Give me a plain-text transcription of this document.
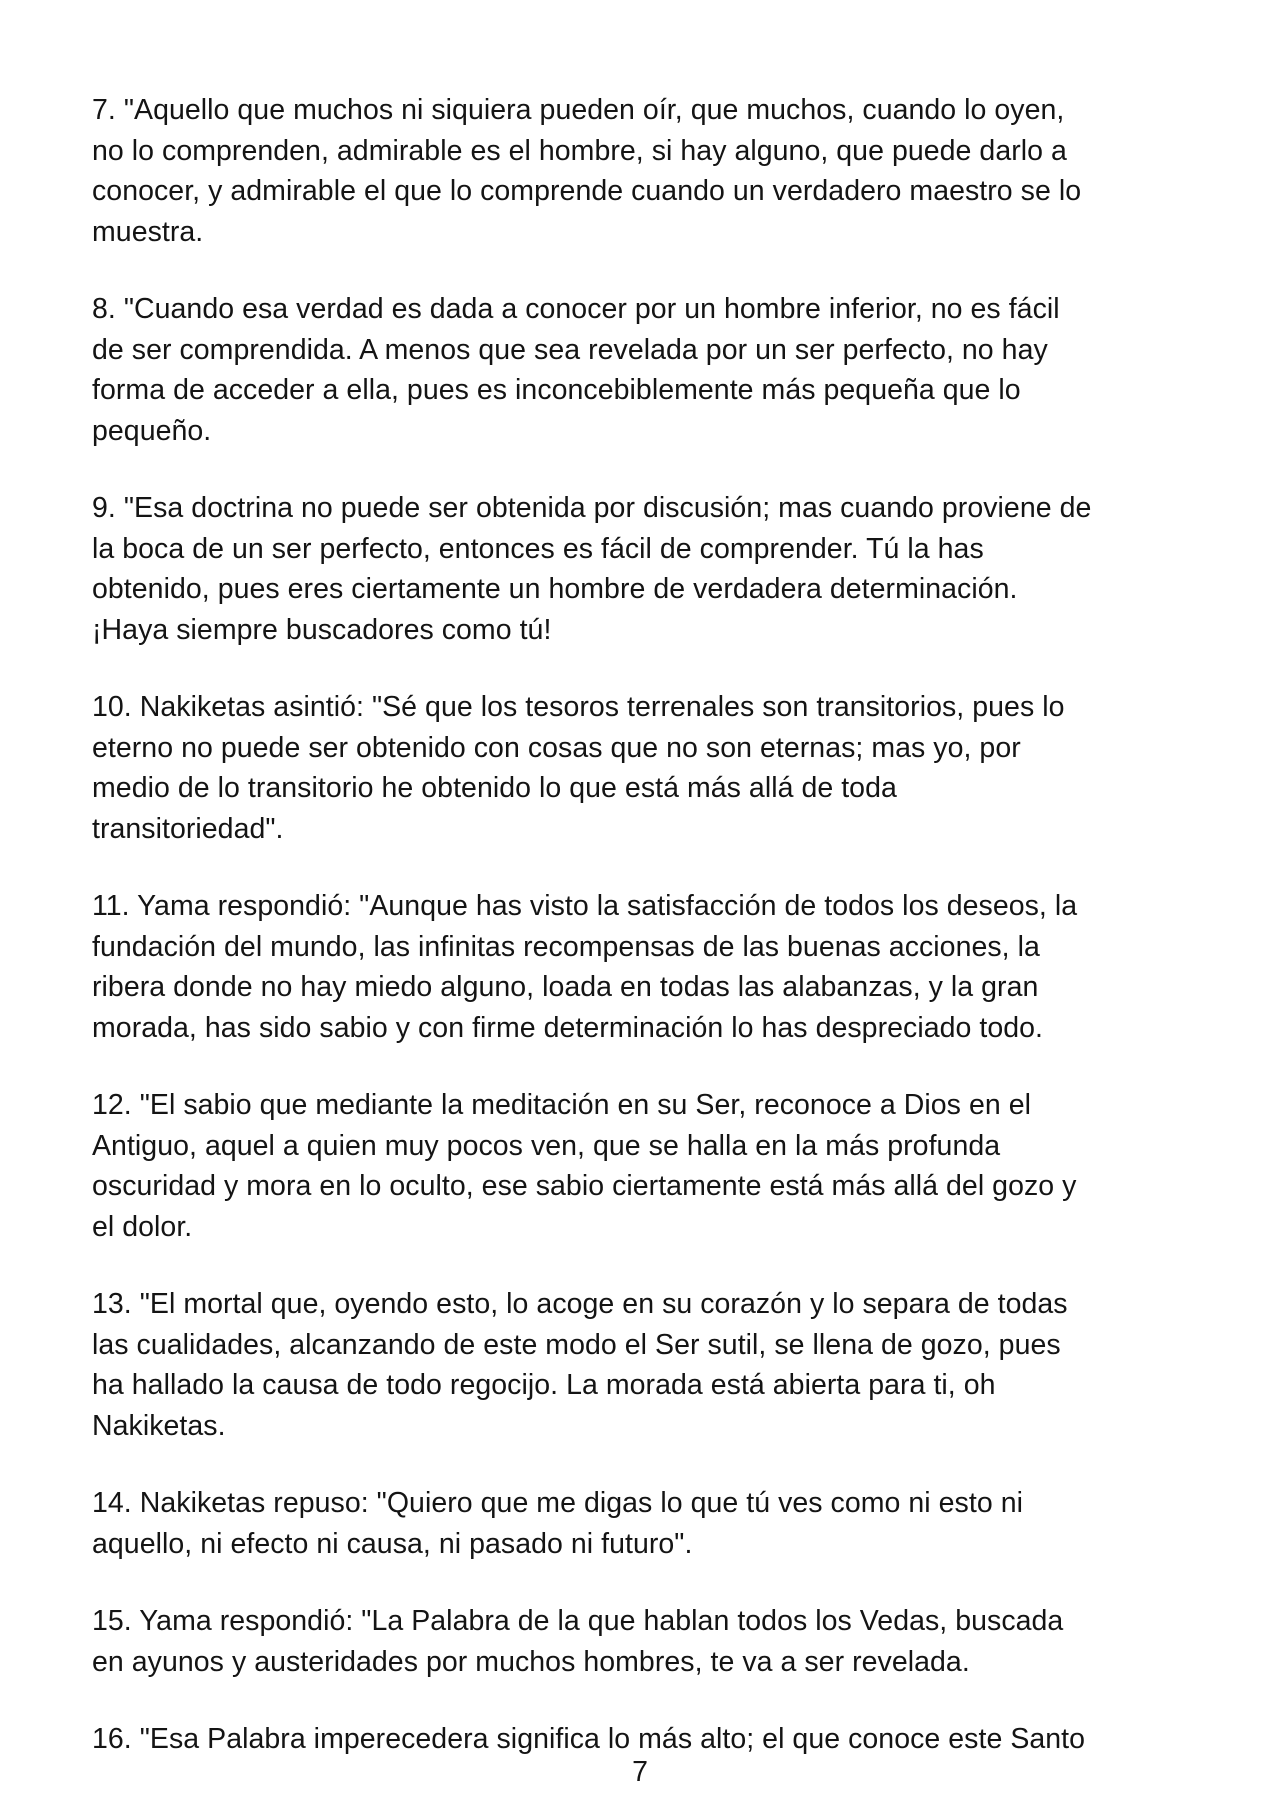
7. "Aquello que muchos ni siquiera pueden oír, que muchos, cuando lo oyen,
no lo comprenden, admirable es el hombre, si hay alguno, que puede darlo a
conocer, y admirable el que lo comprende cuando un verdadero maestro se lo
muestra.

8. "Cuando esa verdad es dada a conocer por un hombre inferior, no es fácil
de ser comprendida. A menos que sea revelada por un ser perfecto, no hay
forma de acceder a ella, pues es inconcebiblemente más pequeña que lo
pequeño.

9. "Esa doctrina no puede ser obtenida por discusión; mas cuando proviene de
la boca de un ser perfecto, entonces es fácil de comprender. Tú la has
obtenido, pues eres ciertamente un hombre de verdadera determinación.
¡Haya siempre buscadores como tú!

10. Nakiketas asintió: "Sé que los tesoros terrenales son transitorios, pues lo
eterno no puede ser obtenido con cosas que no son eternas; mas yo, por
medio de lo transitorio he obtenido lo que está más allá de toda
transitoriedad".

11. Yama respondió: "Aunque has visto la satisfacción de todos los deseos, la
fundación del mundo, las infinitas recompensas de las buenas acciones, la
ribera donde no hay miedo alguno, loada en todas las alabanzas, y la gran
morada, has sido sabio y con firme determinación lo has despreciado todo.

12. "El sabio que mediante la meditación en su Ser, reconoce a Dios en el
Antiguo, aquel a quien muy pocos ven, que se halla en la más profunda
oscuridad y mora en lo oculto, ese sabio ciertamente está más allá del gozo y
el dolor.

13. "El mortal que, oyendo esto, lo acoge en su corazón y lo separa de todas
las cualidades, alcanzando de este modo el Ser sutil, se llena de gozo, pues
ha hallado la causa de todo regocijo. La morada está abierta para ti, oh
Nakiketas.

14. Nakiketas repuso: "Quiero que me digas lo que tú ves como ni esto ni
aquello, ni efecto ni causa, ni pasado ni futuro".

15. Yama respondió: "La Palabra de la que hablan todos los Vedas, buscada
en ayunos y austeridades por muchos hombres, te va a ser revelada.

16. "Esa Palabra imperecedera significa lo más alto; el que conoce este Santo

7
